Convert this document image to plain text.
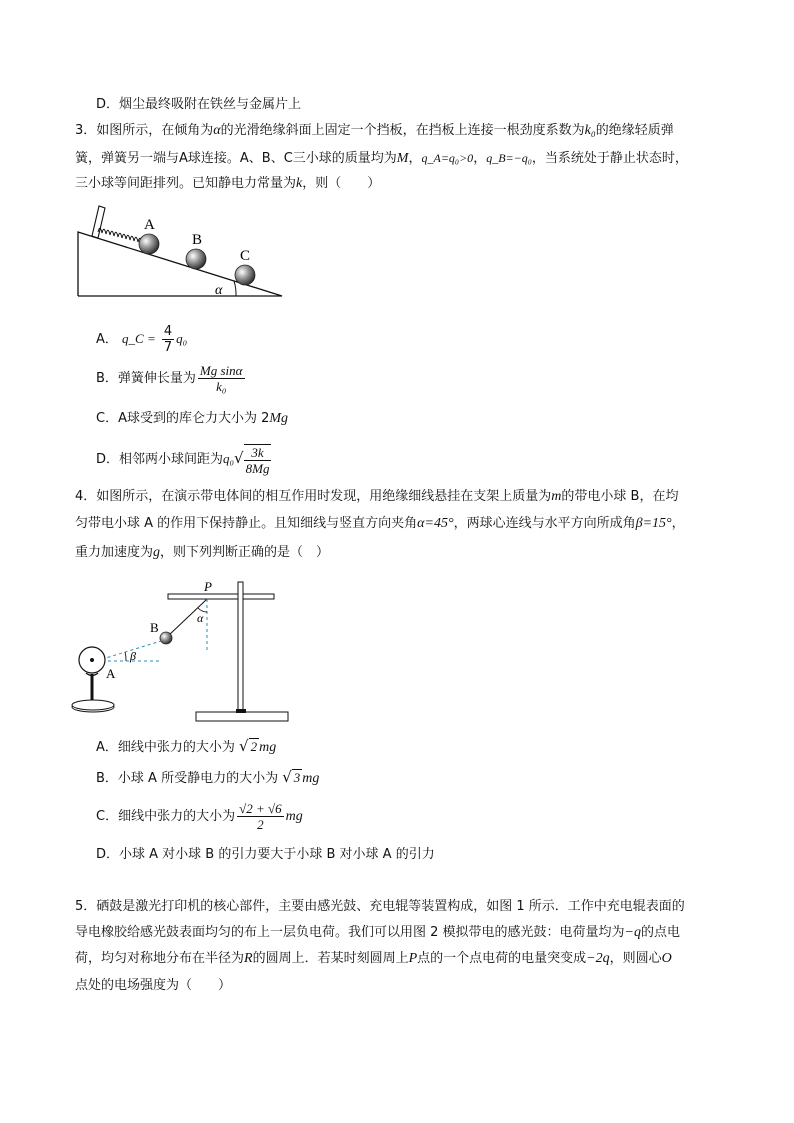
D．烟尘最终吸附在铁丝与金属片上
3．如图所示，在倾角为α的光滑绝缘斜面上固定一个挡板，在挡板上连接一根劲度系数为k₀的绝缘轻质弹
簧，弹簧另一端与A球连接。A、B、C三小球的质量均为M，q_A=q₀>0，q_B=−q₀，当系统处于静止状态时，
三小球等间距排列。已知静电力常量为k，则（　　）
A
B
C
α
A． q_C = $\frac{4}{7} q_0$
B．弹簧伸长量为 $\frac{\text{Mg sinα}}{\text{k₀}}$
C．A球受到的库仑力大小为 2Mg
D．相邻两小球间距为$q_0√ \frac{3k}{8Mg}$
4．如图所示，在演示带电体间的相互作用时发现，用绝缘细线悬挂在支架上质量为m的带电小球 B，在均
匀带电小球 A 的作用下保持静止。且知细线与竖直方向夹角α=45°，两球心连线与水平方向所成角β=15°，
重力加速度为g，则下列判断正确的是（　）
P
α
B
β
A
A．细线中张力的大小为 √ 2 mg
B．小球 A 所受静电力的大小为 √ 3 mg
C．细线中张力的大小为 $\frac{√2 + √6}{2}$ mg
D．小球 A 对小球 B 的引力要大于小球 B 对小球 A 的引力
5．硒鼓是激光打印机的核心部件，主要由感光鼓、充电辊等装置构成，如图 1 所示．工作中充电辊表面的
导电橡胶给感光鼓表面均匀的布上一层负电荷。我们可以用图 2 模拟带电的感光鼓：电荷量均为−q的点电
荷，均匀对称地分布在半径为R的圆周上．若某时刻圆周上P点的一个点电荷的电量突变成−2q，则圆心O
点处的电场强度为（　　）
